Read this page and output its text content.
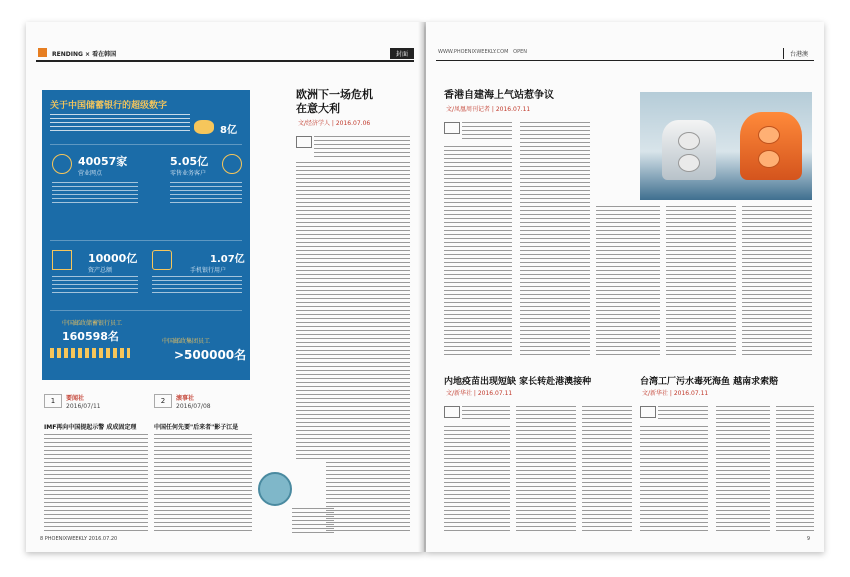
RENDING × 看在韩国	封面
关于中国储蓄银行的超级数字
8亿
40057家
营业网点
5.05亿
零售业务客户
10000亿
资产总额
1.07亿
手机银行用户
中国邮政储蓄银行员工
160598名	中国邮政集团员工
>500000名
1	要闻社
2016/07/11
2	滚事社
2016/07/08
IMF再向中国提起示警 成成固定理	中国任何先要"后来者"影子江是
欧洲下一场危机
在意大利
文/经济学人 | 2016.07.06
8 PHOENIXWEEKLY 2016.07.20
WWW.PHOENIXWEEKLY.COM OPEN	台港澳
香港自建海上气站惹争议
文/凤凰周刊记者 | 2016.07.11
内地疫苗出现短缺 家长转赴港澳接种
文/新华社 | 2016.07.11
台湾工厂污水毒死海鱼 越南求索赔
文/新华社 | 2016.07.11
9
